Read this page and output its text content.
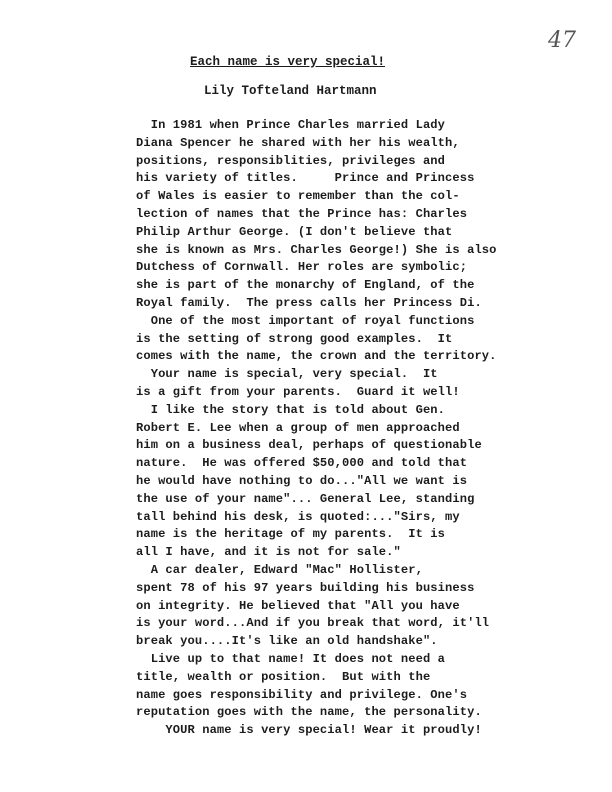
47
Each name is very special!
Lily Tofteland Hartmann
In 1981 when Prince Charles married Lady
Diana Spencer he shared with her his wealth,
positions, responsiblities, privileges and
his variety of titles.     Prince and Princess
of Wales is easier to remember than the col-
lection of names that the Prince has: Charles
Philip Arthur George. (I don't believe that
she is known as Mrs. Charles George!) She is also
Dutchess of Cornwall. Her roles are symbolic;
she is part of the monarchy of England, of the
Royal family.  The press calls her Princess Di.
One of the most important of royal functions
is the setting of strong good examples.  It
comes with the name, the crown and the territory.
Your name is special, very special.  It
is a gift from your parents.  Guard it well!
I like the story that is told about Gen.
Robert E. Lee when a group of men approached
him on a business deal, perhaps of questionable
nature.  He was offered $50,000 and told that
he would have nothing to do..."All we want is
the use of your name"... General Lee, standing
tall behind his desk, is quoted:..."Sirs, my
name is the heritage of my parents.  It is
all I have, and it is not for sale."
A car dealer, Edward "Mac" Hollister,
spent 78 of his 97 years building his business
on integrity. He believed that "All you have
is your word...And if you break that word, it'll
break you....It's like an old handshake".
Live up to that name! It does not need a
title, wealth or position.  But with the
name goes responsibility and privilege. One's
reputation goes with the name, the personality.
YOUR name is very special! Wear it proudly!
